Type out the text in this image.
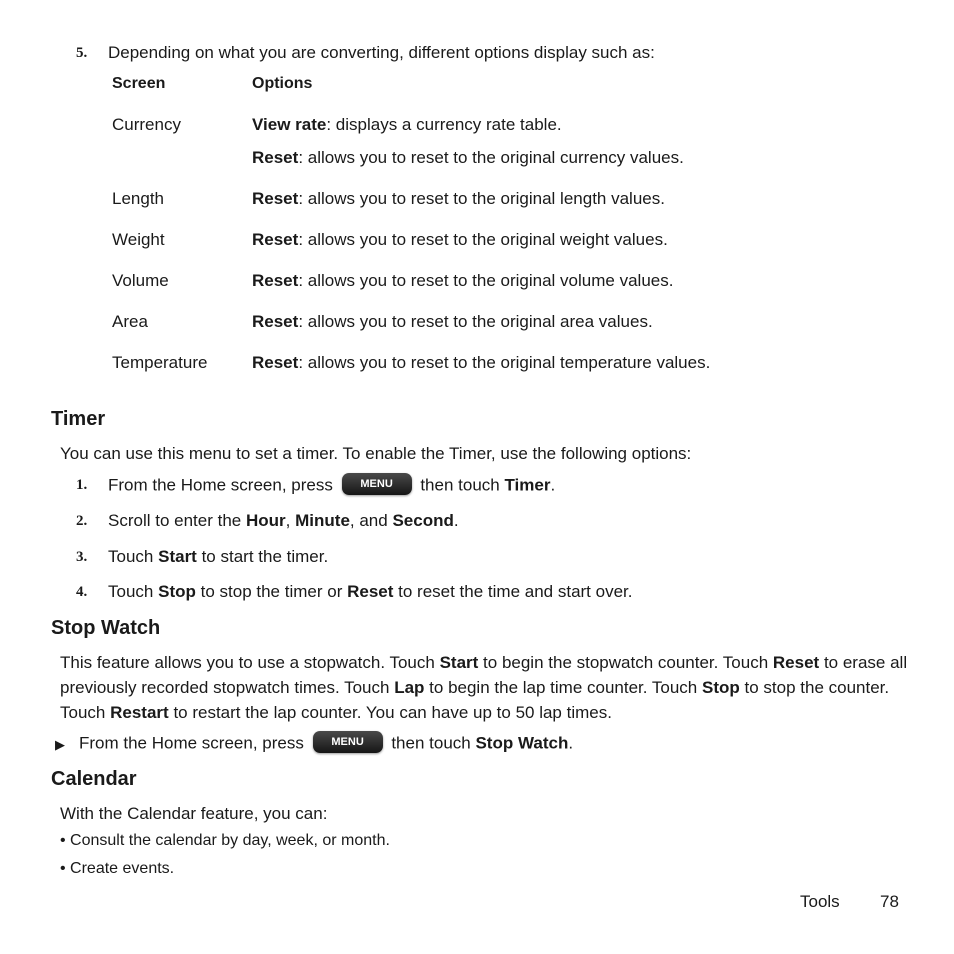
5. Depending on what you are converting, different options display such as:
Screen	Options
Currency	View rate: displays a currency rate table.
Reset: allows you to reset to the original currency values.
Length	Reset: allows you to reset to the original length values.
Weight	Reset: allows you to reset to the original weight values.
Volume	Reset: allows you to reset to the original volume values.
Area	Reset: allows you to reset to the original area values.
Temperature	Reset: allows you to reset to the original temperature values.
Timer
You can use this menu to set a timer. To enable the Timer, use the following options:
1. From the Home screen, press	MENU then touch Timer.
2. Scroll to enter the Hour, Minute, and Second.
3. Touch Start to start the timer.
4. Touch Stop to stop the timer or Reset to reset the time and start over.
Stop Watch
This feature allows you to use a stopwatch. Touch Start to begin the stopwatch counter. Touch Reset to erase all previously recorded stopwatch times. Touch Lap to begin the lap time counter. Touch Stop to stop the counter. Touch Restart to restart the lap counter. You can have up to 50 lap times.
▶ From the Home screen, press	MENU then touch Stop Watch.
Calendar
With the Calendar feature, you can:
• Consult the calendar by day, week, or month.
• Create events.
Tools 78
